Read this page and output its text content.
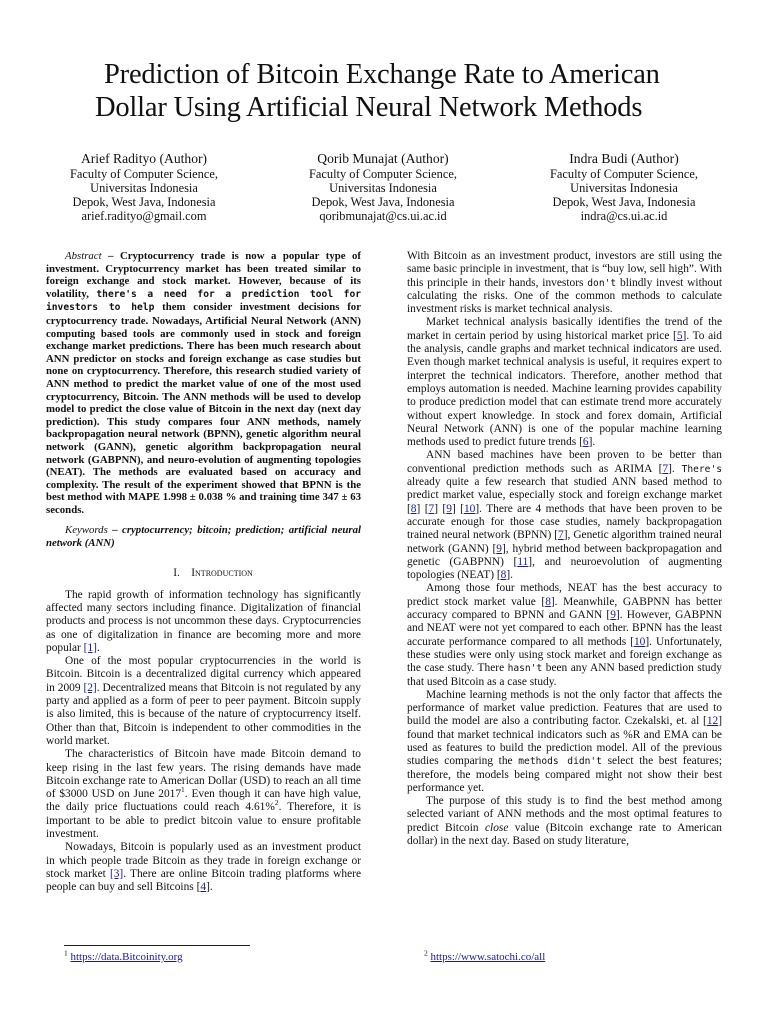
Prediction of Bitcoin Exchange Rate to American
Dollar Using Artificial Neural Network Methods
Arief Radityo (Author)
Faculty of Computer Science,
Universitas Indonesia
Depok, West Java, Indonesia
arief.radityo@gmail.com
Qorib Munajat (Author)
Faculty of Computer Science,
Universitas Indonesia
Depok, West Java, Indonesia
qoribmunajat@cs.ui.ac.id
Indra Budi (Author)
Faculty of Computer Science,
Universitas Indonesia
Depok, West Java, Indonesia
indra@cs.ui.ac.id

Abstract – Cryptocurrency trade is now a popular type of investment. Cryptocurrency market has been treated similar to foreign exchange and stock market. However, because of its volatility, there's a need for a prediction tool for investors to help them consider investment decisions for cryptocurrency trade. Nowadays, Artificial Neural Network (ANN) computing based tools are commonly used in stock and foreign exchange market predictions. There has been much research about ANN predictor on stocks and foreign exchange as case studies but none on cryptocurrency. Therefore, this research studied variety of ANN method to predict the market value of one of the most used cryptocurrency, Bitcoin. The ANN methods will be used to develop model to predict the close value of Bitcoin in the next day (next day prediction). This study compares four ANN methods, namely backpropagation neural network (BPNN), genetic algorithm neural network (GANN), genetic algorithm backpropagation neural network (GABPNN), and neuro-evolution of augmenting topologies (NEAT). The methods are evaluated based on accuracy and complexity. The result of the experiment showed that BPNN is the best method with MAPE 1.998 ± 0.038 % and training time 347 ± 63 seconds.

Keywords – cryptocurrency; bitcoin; prediction; artificial neural network (ANN)

I. Introduction

The rapid growth of information technology has significantly affected many sectors including finance. Digitalization of financial products and process is not uncommon these days. Cryptocurrencies as one of digitalization in finance are becoming more and more popular [1].

One of the most popular cryptocurrencies in the world is Bitcoin. Bitcoin is a decentralized digital currency which appeared in 2009 [2]. Decentralized means that Bitcoin is not regulated by any party and applied as a form of peer to peer payment. Bitcoin supply is also limited, this is because of the nature of cryptocurrency itself. Other than that, Bitcoin is independent to other commodities in the world market.

The characteristics of Bitcoin have made Bitcoin demand to keep rising in the last few years. The rising demands have made Bitcoin exchange rate to American Dollar (USD) to reach an all time of $3000 USD on June 2017$^1$. Even though it can have high value, the daily price fluctuations could reach 4.61%$^2$. Therefore, it is important to be able to predict bitcoin value to ensure profitable investment.

Nowadays, Bitcoin is popularly used as an investment product in which people trade Bitcoin as they trade in foreign exchange or stock market [3]. There are online Bitcoin trading platforms where people can buy and sell Bitcoins [4].

With Bitcoin as an investment product, investors are still using the same basic principle in investment, that is “buy low, sell high”. With this principle in their hands, investors don't blindly invest without calculating the risks. One of the common methods to calculate investment risks is market technical analysis.

Market technical analysis basically identifies the trend of the market in certain period by using historical market price [5]. To aid the analysis, candle graphs and market technical indicators are used. Even though market technical analysis is useful, it requires expert to interpret the technical indicators. Therefore, another method that employs automation is needed. Machine learning provides capability to produce prediction model that can estimate trend more accurately without expert knowledge. In stock and forex domain, Artificial Neural Network (ANN) is one of the popular machine learning methods used to predict future trends [6].

ANN based machines have been proven to be better than conventional prediction methods such as ARIMA [7]. There's already quite a few research that studied ANN based method to predict market value, especially stock and foreign exchange market [8] [7] [9] [10]. There are 4 methods that have been proven to be accurate enough for those case studies, namely backpropagation trained neural network (BPNN) [7], Genetic algorithm trained neural network (GANN) [9], hybrid method between backpropagation and genetic (GABPNN) [11], and neuroevolution of augmenting topologies (NEAT) [8].

Among those four methods, NEAT has the best accuracy to predict stock market value [8]. Meanwhile, GABPNN has better accuracy compared to BPNN and GANN [9]. However, GABPNN and NEAT were not yet compared to each other. BPNN has the least accurate performance compared to all methods [10]. Unfortunately, these studies were only using stock market and foreign exchange as the case study. There hasn't been any ANN based prediction study that used Bitcoin as a case study.

Machine learning methods is not the only factor that affects the performance of market value prediction. Features that are used to build the model are also a contributing factor. Czekalski, et. al [12] found that market technical indicators such as %R and EMA can be used as features to build the prediction model. All of the previous studies comparing the methods didn't select the best features; therefore, the models being compared might not show their best performance yet.

The purpose of this study is to find the best method among selected variant of ANN methods and the most optimal features to predict Bitcoin close value (Bitcoin exchange rate to American dollar) in the next day. Based on study literature,

$^1$ https://data.Bitcoinity.org	$^2$ https://www.satochi.co/all
